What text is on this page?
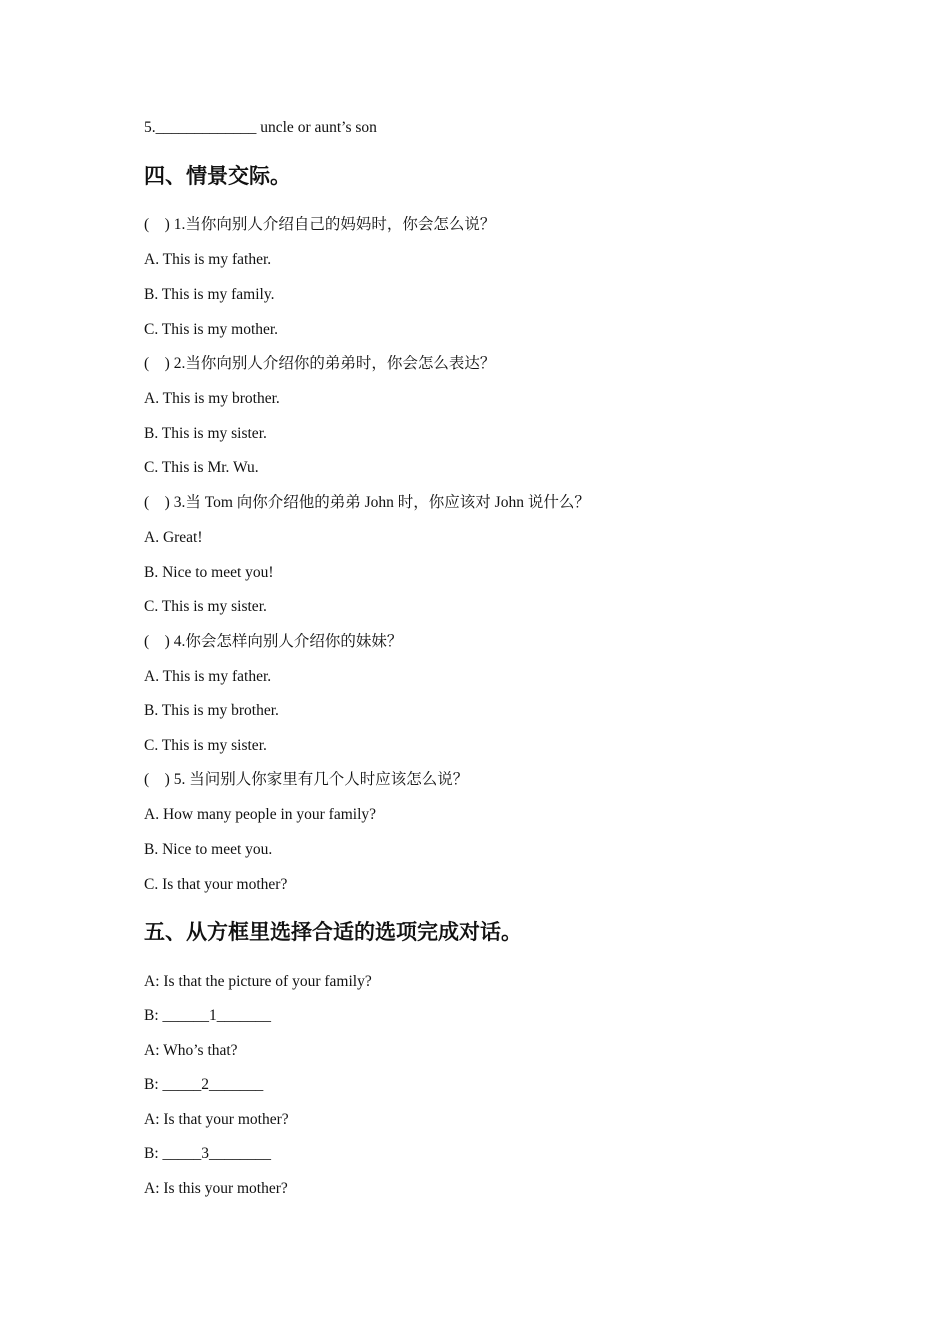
5._____________ uncle or aunt’s son
四、情景交际。
(    ) 1.当你向别人介绍自己的妈妈时，你会怎么说？
A. This is my father.
B. This is my family.
C. This is my mother.
(    ) 2.当你向别人介绍你的弟弟时，你会怎么表达？
A. This is my brother.
B. This is my sister.
C. This is Mr. Wu.
(    ) 3.当 Tom 向你介绍他的弟弟 John 时，你应该对 John 说什么？
A. Great!
B. Nice to meet you!
C. This is my sister.
(    ) 4.你会怎样向别人介绍你的妹妹？
A. This is my father.
B. This is my brother.
C. This is my sister.
(    ) 5. 当问别人你家里有几个人时应该怎么说？
A. How many people in your family?
B. Nice to meet you.
C. Is that your mother?
五、从方框里选择合适的选项完成对话。
A: Is that the picture of your family?
B: ______1_______
A: Who’s that?
B: _____2_______
A: Is that your mother?
B: _____3________
A: Is this your mother?
